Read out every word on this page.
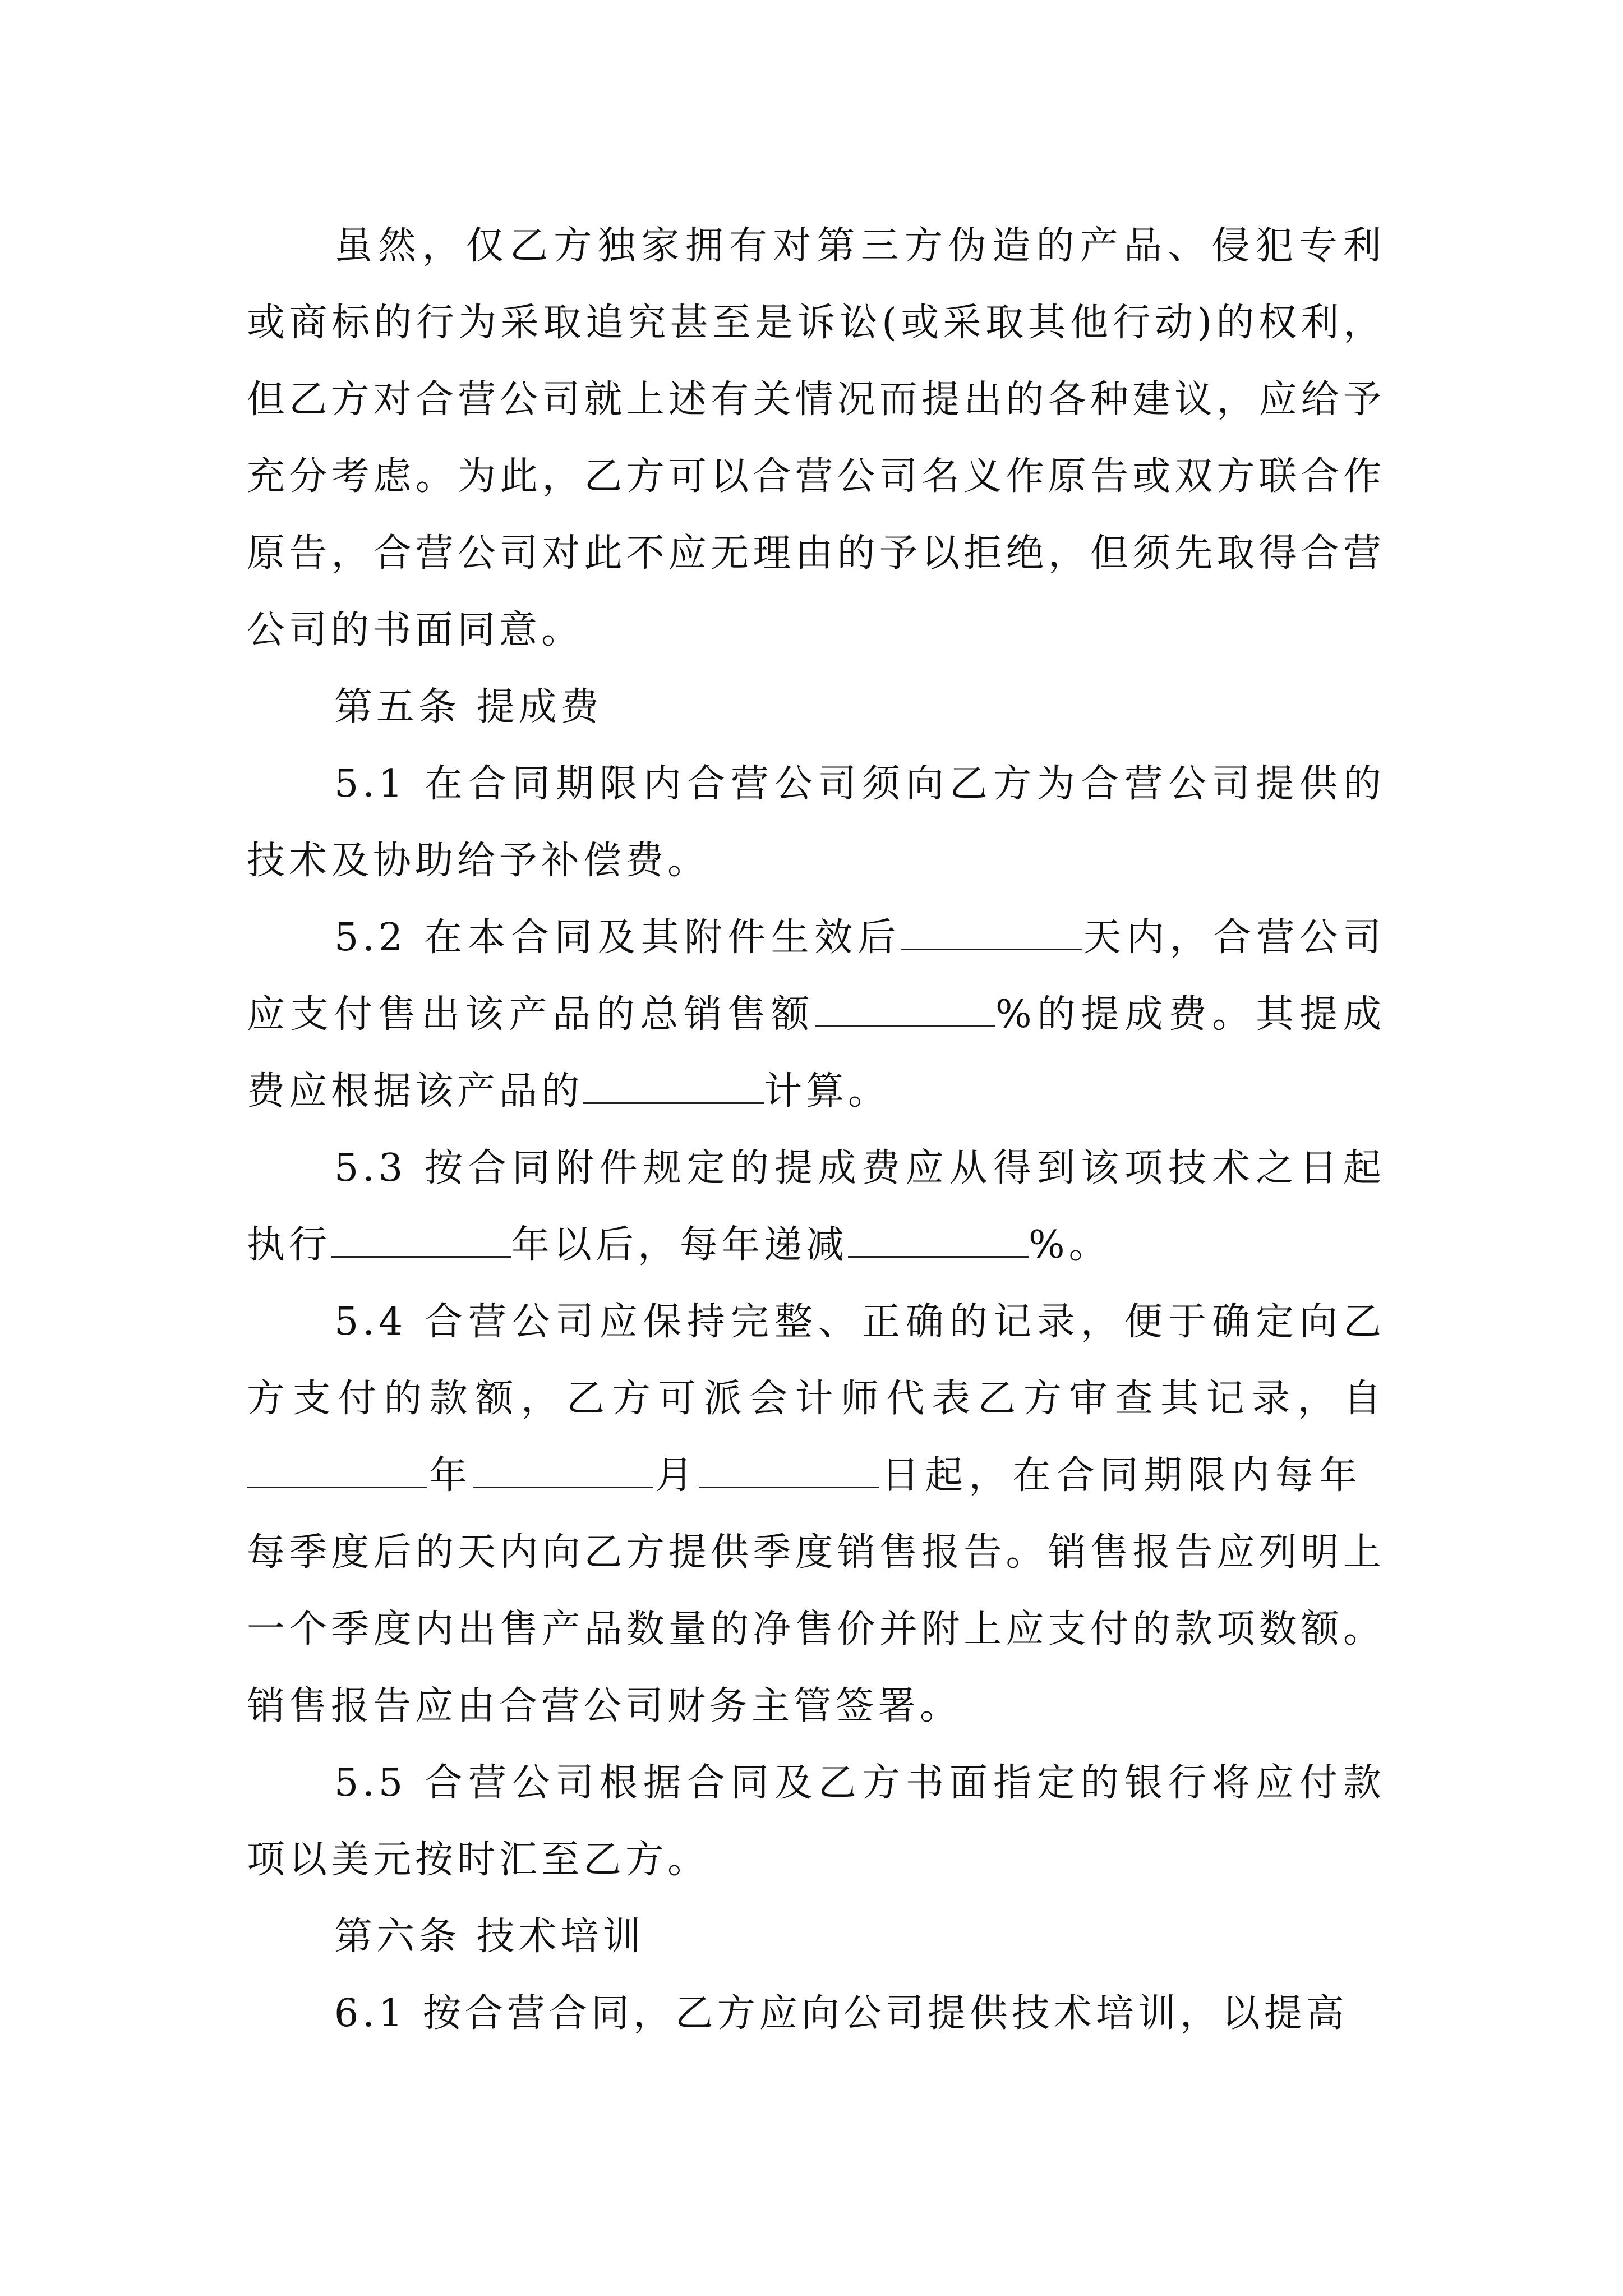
虽然，仅乙方独家拥有对第三方伪造的产品、侵犯专利或商标的行为采取追究甚至是诉讼(或采取其他行动)的权利，但乙方对合营公司就上述有关情况而提出的各种建议，应给予充分考虑。为此，乙方可以合营公司名义作原告或双方联合作原告，合营公司对此不应无理由的予以拒绝，但须先取得合营公司的书面同意。

第五条 提成费

5.1 在合同期限内合营公司须向乙方为合营公司提供的技术及协助给予补偿费。

5.2 在本合同及其附件生效后	天内，合营公司应支付售出该产品的总销售额	%的提成费。其提成费应根据该产品的	计算。

5.3 按合同附件规定的提成费应从得到该项技术之日起执行	年以后，每年递减	%。

5.4 合营公司应保持完整、正确的记录，便于确定向乙方支付的款额，乙方可派会计师代表乙方审查其记录，自年	月	日起，在合同期限内每年每季度后的天内向乙方提供季度销售报告。销售报告应列明上一个季度内出售产品数量的净售价并附上应支付的款项数额。销售报告应由合营公司财务主管签署。

5.5 合营公司根据合同及乙方书面指定的银行将应付款项以美元按时汇至乙方。

第六条 技术培训

6.1 按合营合同，乙方应向公司提供技术培训，以提高
